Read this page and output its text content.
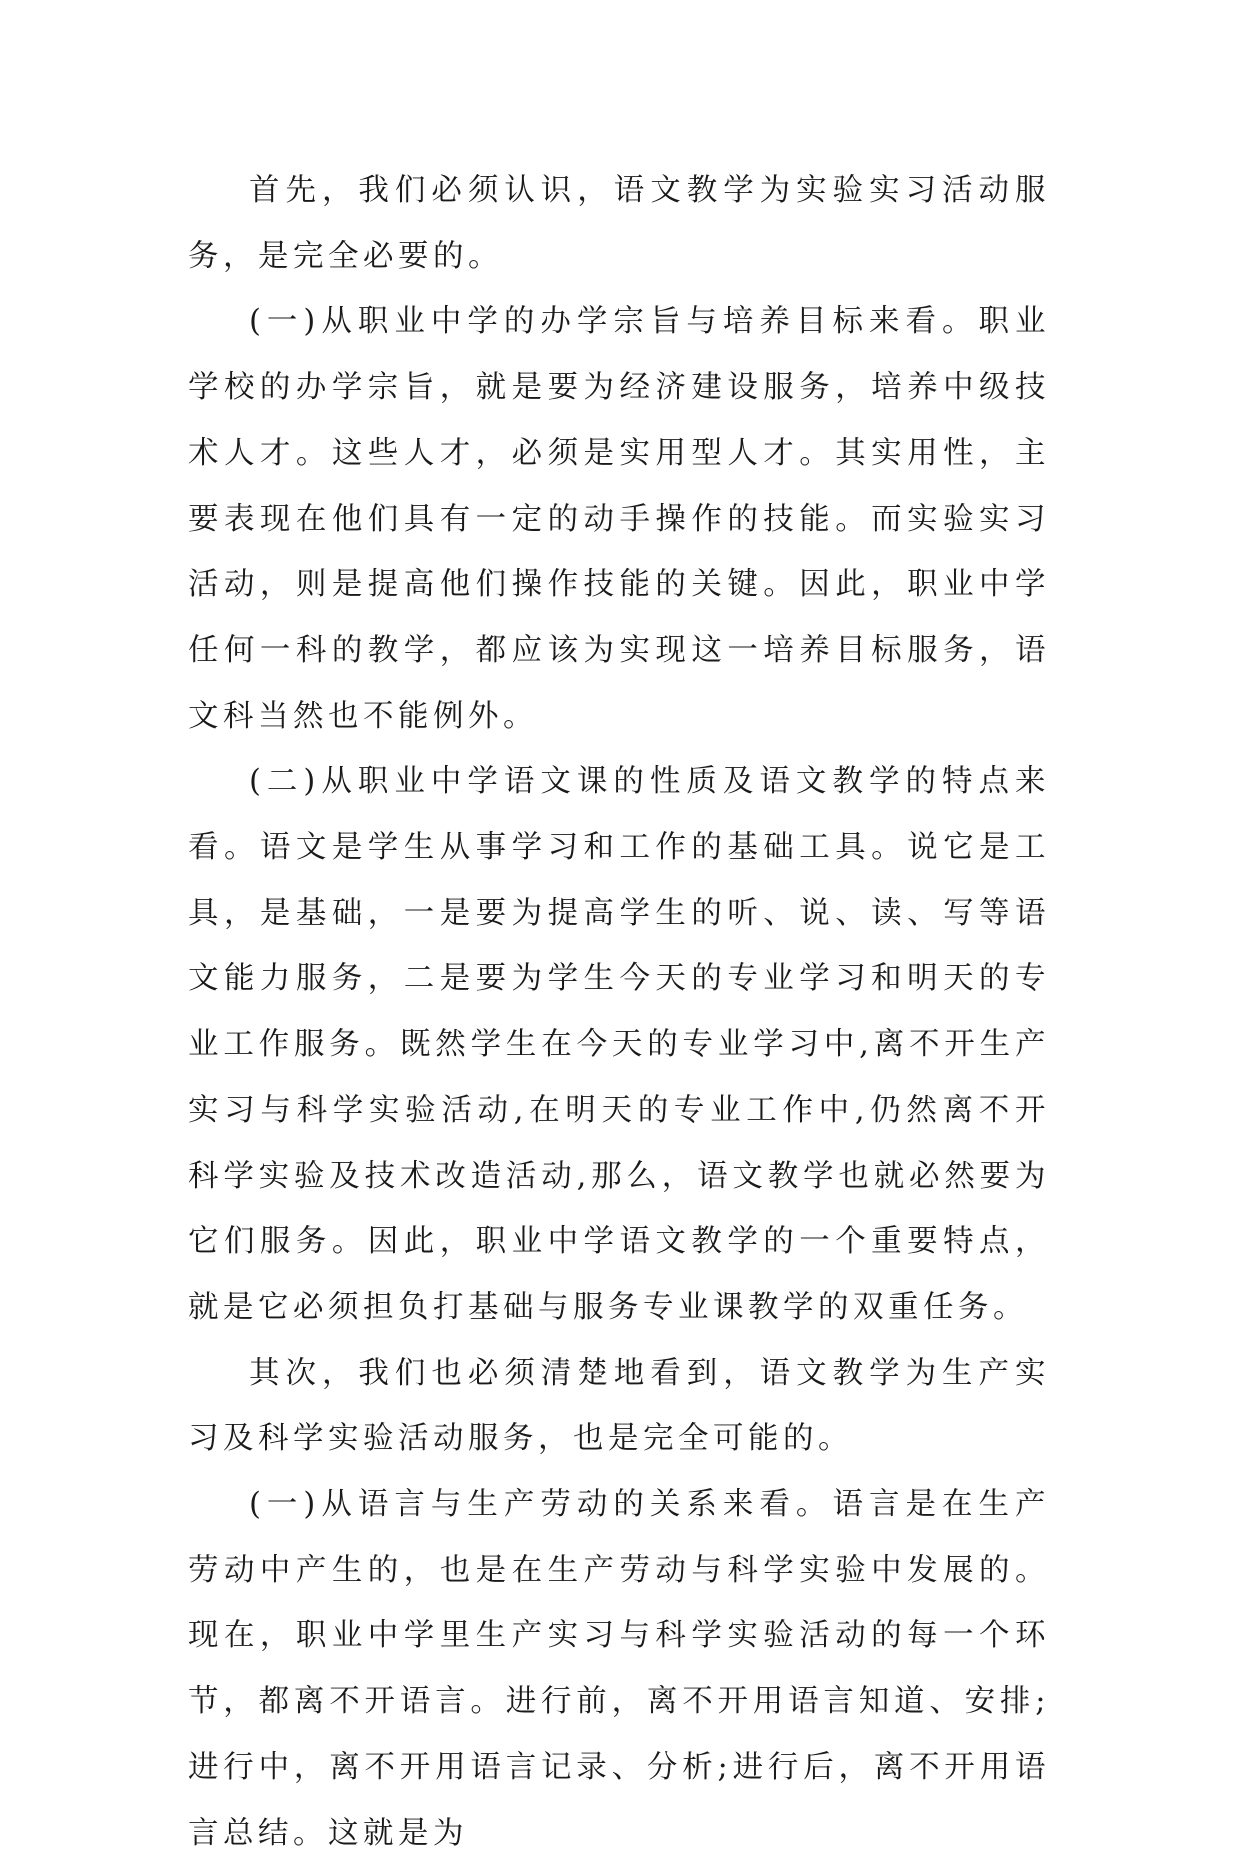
首先，我们必须认识，语文教学为实验实习活动服务，是完全必要的。

(一)从职业中学的办学宗旨与培养目标来看。职业学校的办学宗旨，就是要为经济建设服务，培养中级技术人才。这些人才，必须是实用型人才。其实用性，主要表现在他们具有一定的动手操作的技能。而实验实习活动，则是提高他们操作技能的关键。因此，职业中学任何一科的教学，都应该为实现这一培养目标服务，语文科当然也不能例外。

(二)从职业中学语文课的性质及语文教学的特点来看。语文是学生从事学习和工作的基础工具。说它是工具，是基础，一是要为提高学生的听、说、读、写等语文能力服务，二是要为学生今天的专业学习和明天的专业工作服务。既然学生在今天的专业学习中,离不开生产实习与科学实验活动,在明天的专业工作中,仍然离不开科学实验及技术改造活动,那么，语文教学也就必然要为它们服务。因此，职业中学语文教学的一个重要特点，就是它必须担负打基础与服务专业课教学的双重任务。

其次，我们也必须清楚地看到，语文教学为生产实习及科学实验活动服务，也是完全可能的。

(一)从语言与生产劳动的关系来看。语言是在生产劳动中产生的，也是在生产劳动与科学实验中发展的。现在，职业中学里生产实习与科学实验活动的每一个环节，都离不开语言。进行前，离不开用语言知道、安排;进行中，离不开用语言记录、分析;进行后，离不开用语言总结。这就是为
